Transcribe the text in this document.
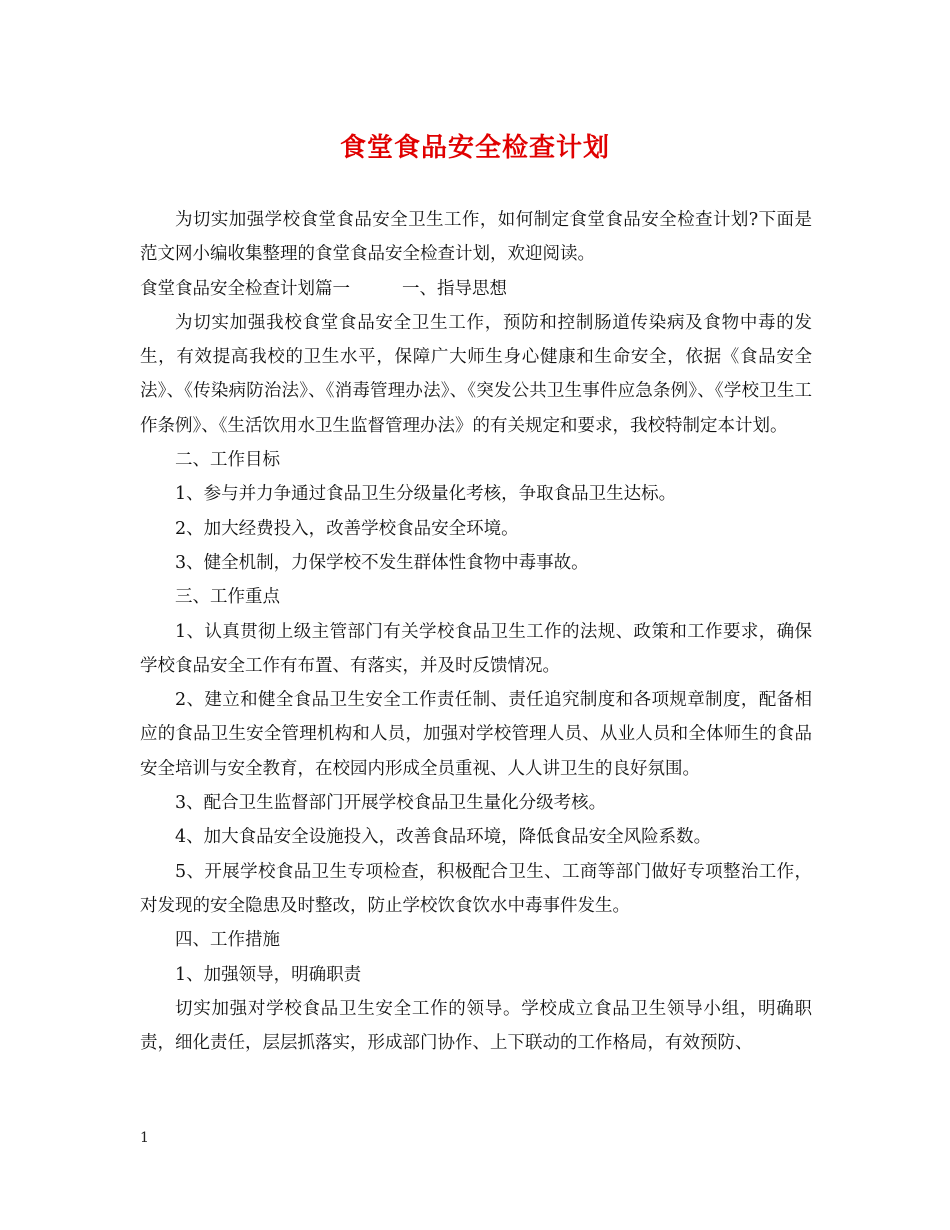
食堂食品安全检查计划

为切实加强学校食堂食品安全卫生工作，如何制定食堂食品安全检查计划?下面是范文网小编收集整理的食堂食品安全检查计划，欢迎阅读。

食堂食品安全检查计划篇一	一、指导思想

为切实加强我校食堂食品安全卫生工作，预防和控制肠道传染病及食物中毒的发生，有效提高我校的卫生水平，保障广大师生身心健康和生命安全，依据《食品安全法》、《传染病防治法》、《消毒管理办法》、《突发公共卫生事件应急条例》、《学校卫生工作条例》、《生活饮用水卫生监督管理办法》的有关规定和要求，我校特制定本计划。

二、工作目标

1、参与并力争通过食品卫生分级量化考核，争取食品卫生达标。

2、加大经费投入，改善学校食品安全环境。

3、健全机制，力保学校不发生群体性食物中毒事故。

三、工作重点

1、认真贯彻上级主管部门有关学校食品卫生工作的法规、政策和工作要求，确保学校食品安全工作有布置、有落实，并及时反馈情况。

2、建立和健全食品卫生安全工作责任制、责任追究制度和各项规章制度，配备相应的食品卫生安全管理机构和人员，加强对学校管理人员、从业人员和全体师生的食品安全培训与安全教育，在校园内形成全员重视、人人讲卫生的良好氛围。

3、配合卫生监督部门开展学校食品卫生量化分级考核。

4、加大食品安全设施投入，改善食品环境，降低食品安全风险系数。

5、开展学校食品卫生专项检查，积极配合卫生、工商等部门做好专项整治工作，对发现的安全隐患及时整改，防止学校饮食饮水中毒事件发生。

四、工作措施

1、加强领导，明确职责

切实加强对学校食品卫生安全工作的领导。学校成立食品卫生领导小组，明确职责，细化责任，层层抓落实，形成部门协作、上下联动的工作格局，有效预防、

1
